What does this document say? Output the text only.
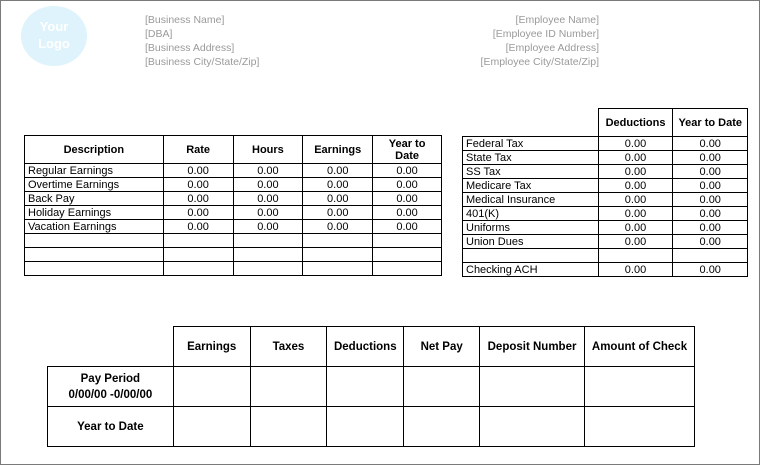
Your
Logo
[Business Name]
[DBA]
[Business Address]
[Business City/State/Zip]
[Employee Name]
[Employee ID Number]
[Employee Address]
[Employee City/State/Zip]
Description	Rate	Hours	Earnings	Year to Date
Regular Earnings	0.00	0.00	0.00	0.00
Overtime Earnings	0.00	0.00	0.00	0.00
Back Pay	0.00	0.00	0.00	0.00
Holiday Earnings	0.00	0.00	0.00	0.00
Vacation Earnings	0.00	0.00	0.00	0.00

	Deductions	Year to Date
Federal Tax	0.00	0.00
State Tax	0.00	0.00
SS Tax	0.00	0.00
Medicare Tax	0.00	0.00
Medical Insurance	0.00	0.00
401(K)	0.00	0.00
Uniforms	0.00	0.00
Union Dues	0.00	0.00

Checking ACH	0.00	0.00
	Earnings	Taxes	Deductions	Net Pay	Deposit Number	Amount of Check

Pay Period
0/00/00 -0/00/00						

Year to Date						
